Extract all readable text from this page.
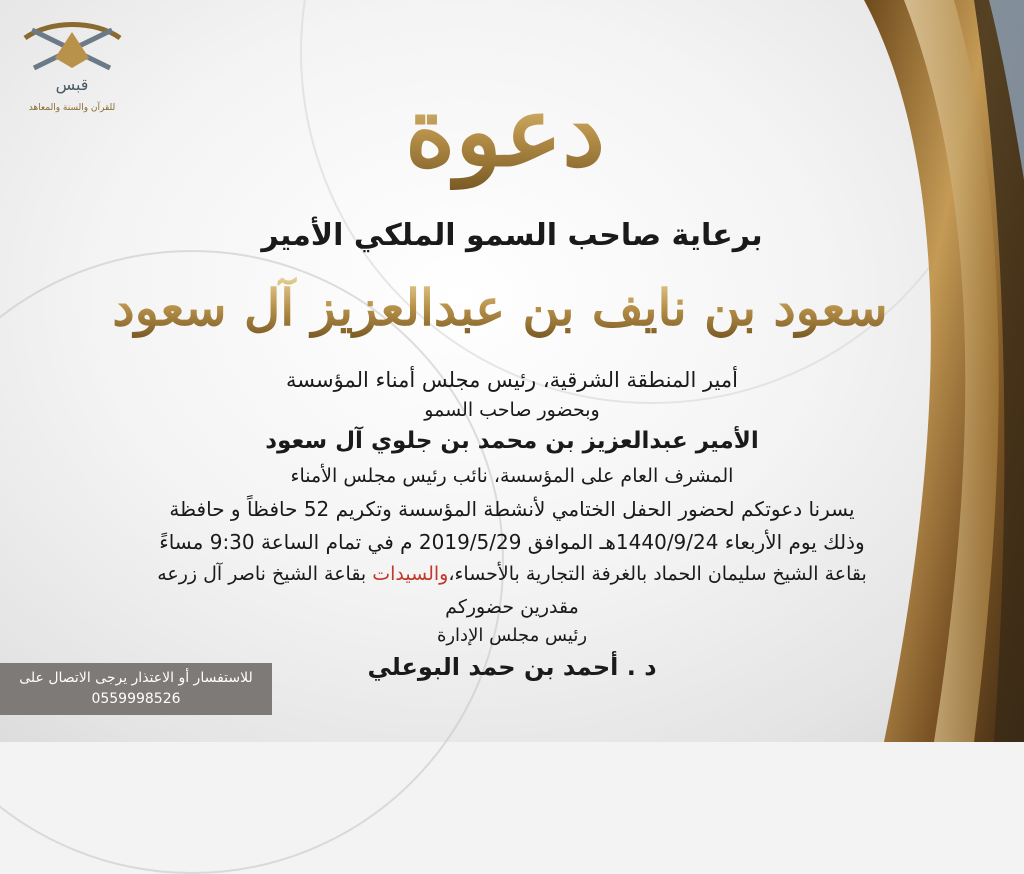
قبس
للقرآن والسنة والمعاهد	دعوة
برعاية صاحب السمو الملكي الأمير
سعود بن نايف بن عبدالعزيز آل سعود
أمير المنطقة الشرقية، رئيس مجلس أمناء المؤسسة
وبحضور صاحب السمو
الأمير عبدالعزيز بن محمد بن جلوي آل سعود
المشرف العام على المؤسسة، نائب رئيس مجلس الأمناء
يسرنا دعوتكم لحضور الحفل الختامي لأنشطة المؤسسة وتكريم 52 حافظاً و حافظة
وذلك يوم الأربعاء 1440/9/24هـ الموافق 2019/5/29 م في تمام الساعة 9:30 مساءً
بقاعة الشيخ سليمان الحماد بالغرفة التجارية بالأحساء،والسيدات بقاعة الشيخ ناصر آل زرعه
مقدرين حضوركم
رئيس مجلس الإدارة
د . أحمد بن حمد البوعلي
للاستفسار أو الاعتذار يرجى الاتصال على
0559998526
